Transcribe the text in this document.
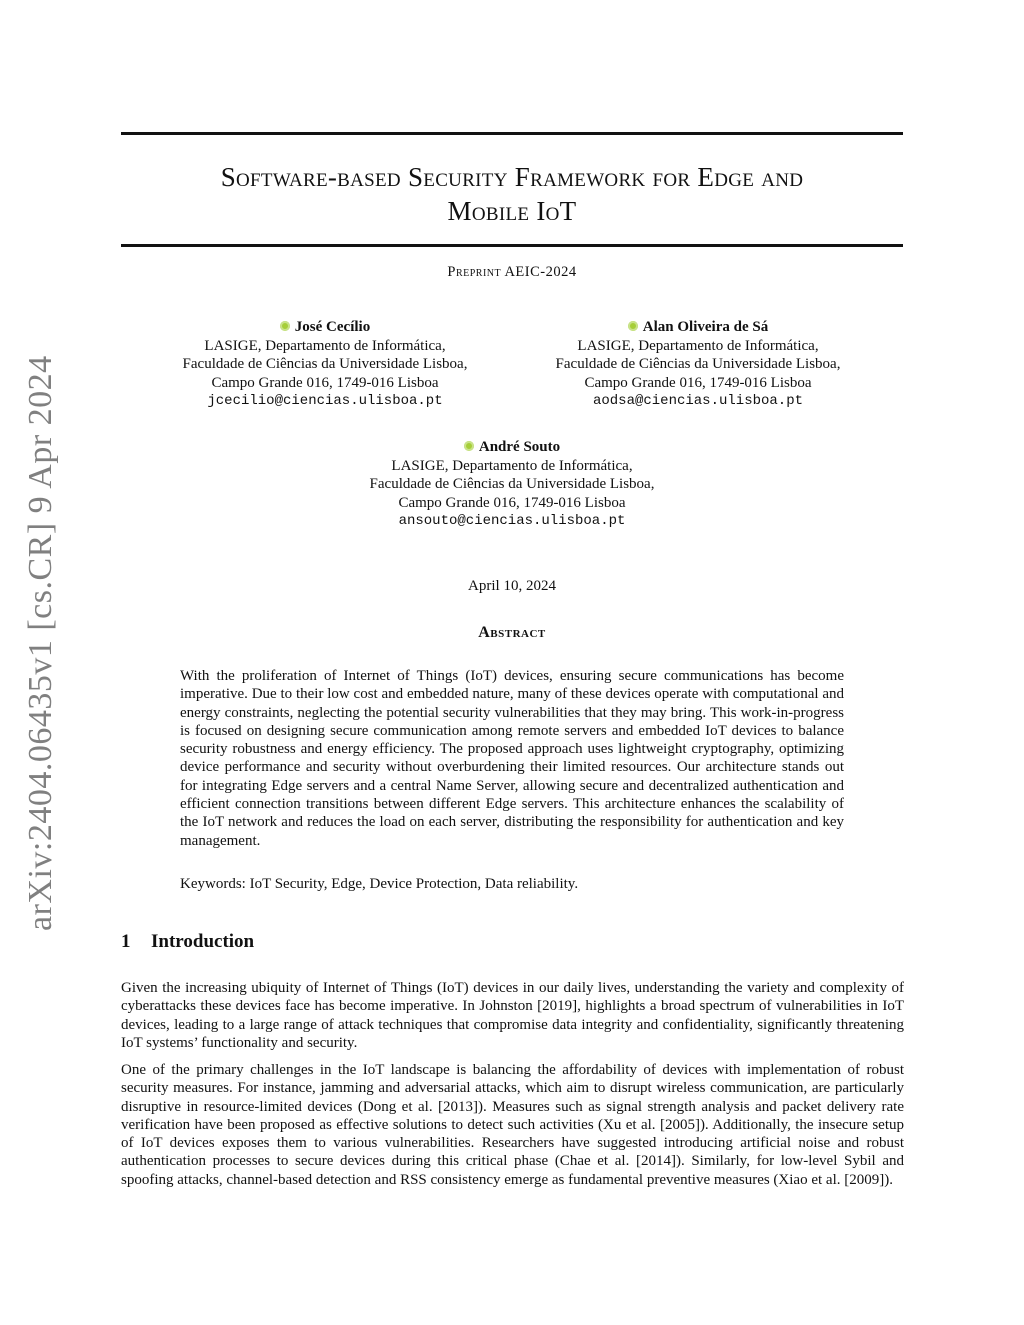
arXiv:2404.06435v1 [cs.CR] 9 Apr 2024
Software-based Security Framework for Edge and
Mobile IoT
Preprint AEIC-2024
José Cecílio
LASIGE, Departamento de Informática,
Faculdade de Ciências da Universidade Lisboa,
Campo Grande 016, 1749-016 Lisboa
jcecilio@ciencias.ulisboa.pt
Alan Oliveira de Sá
LASIGE, Departamento de Informática,
Faculdade de Ciências da Universidade Lisboa,
Campo Grande 016, 1749-016 Lisboa
aodsa@ciencias.ulisboa.pt
André Souto
LASIGE, Departamento de Informática,
Faculdade de Ciências da Universidade Lisboa,
Campo Grande 016, 1749-016 Lisboa
ansouto@ciencias.ulisboa.pt
April 10, 2024
Abstract
With the proliferation of Internet of Things (IoT) devices, ensuring secure communications has become imperative. Due to their low cost and embedded nature, many of these devices operate with computational and energy constraints, neglecting the potential security vulnerabilities that they may bring. This work-in-progress is focused on designing secure communication among remote servers and embedded IoT devices to balance security robustness and energy efficiency. The proposed approach uses lightweight cryptography, optimizing device performance and security without overburdening their limited resources. Our architecture stands out for integrating Edge servers and a central Name Server, allowing secure and decentralized authentication and efficient connection transitions between different Edge servers. This architecture enhances the scalability of the IoT network and reduces the load on each server, distributing the responsibility for authentication and key management.
Keywords: IoT Security, Edge, Device Protection, Data reliability.
1 Introduction
Given the increasing ubiquity of Internet of Things (IoT) devices in our daily lives, understanding the variety and complexity of cyberattacks these devices face has become imperative. In Johnston [2019], highlights a broad spectrum of vulnerabilities in IoT devices, leading to a large range of attack techniques that compromise data integrity and confidentiality, significantly threatening IoT systems’ functionality and security.
One of the primary challenges in the IoT landscape is balancing the affordability of devices with implementation of robust security measures. For instance, jamming and adversarial attacks, which aim to disrupt wireless communication, are particularly disruptive in resource-limited devices (Dong et al. [2013]). Measures such as signal strength analysis and packet delivery rate verification have been proposed as effective solutions to detect such activities (Xu et al. [2005]). Additionally, the insecure setup of IoT devices exposes them to various vulnerabilities. Researchers have suggested introducing artificial noise and robust authentication processes to secure devices during this critical phase (Chae et al. [2014]). Similarly, for low-level Sybil and spoofing attacks, channel-based detection and RSS consistency emerge as fundamental preventive measures (Xiao et al. [2009]).
